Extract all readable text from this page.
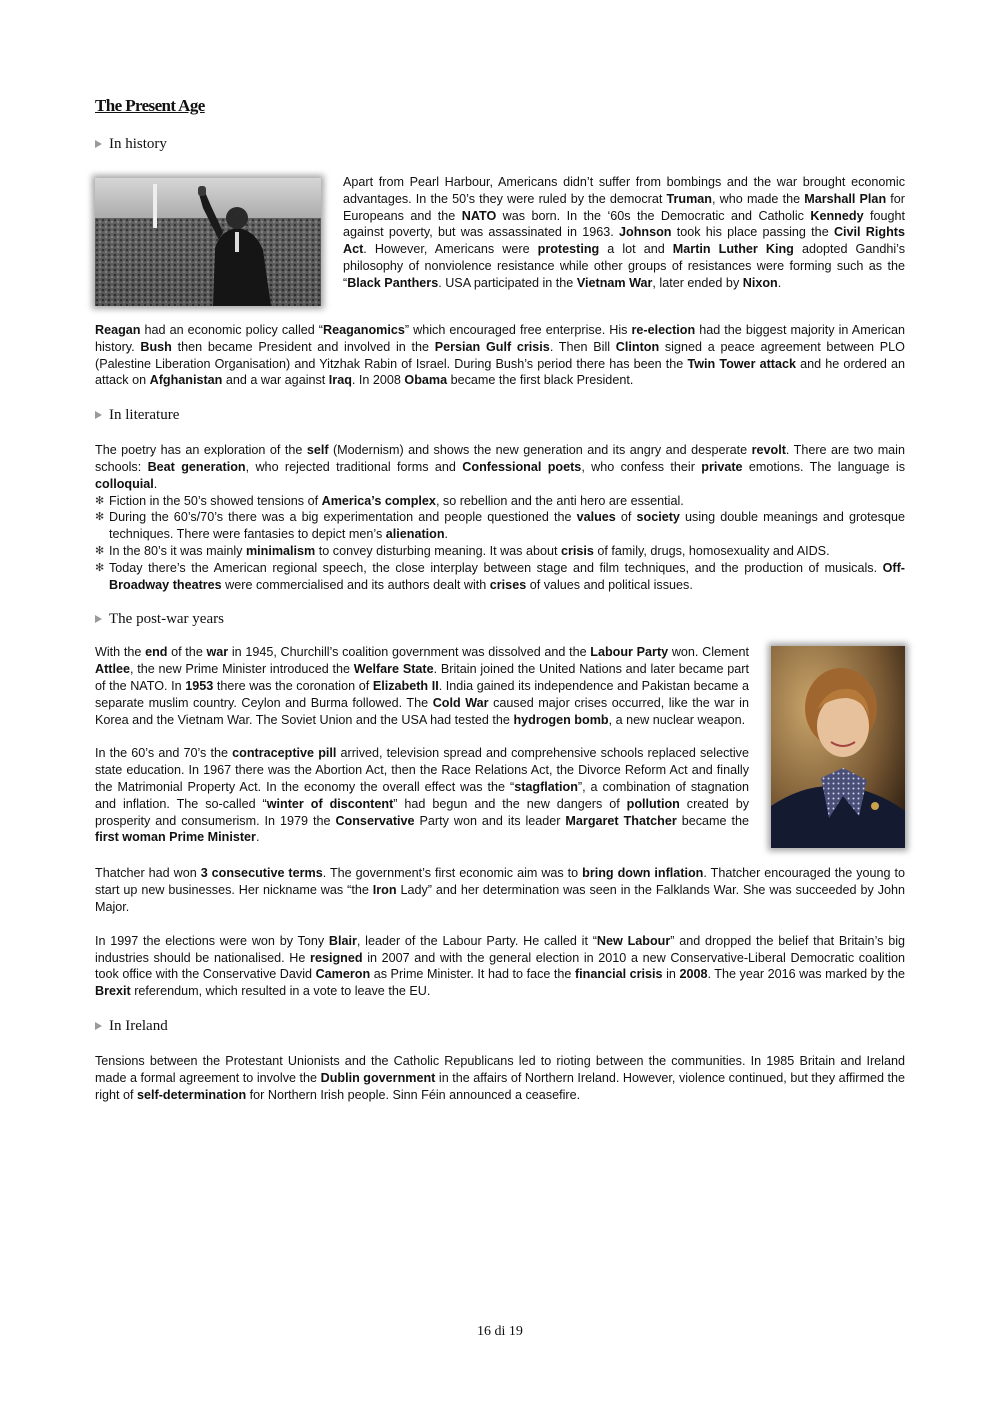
The Present Age
In history

Apart from Pearl Harbour, Americans didn’t suffer from bombings and the war brought economic advantages. In the 50’s they were ruled by the democrat Truman, who made the Marshall Plan for Europeans and the NATO was born. In the ‘60s the Democratic and Catholic Kennedy fought against poverty, but was assassinated in 1963. Johnson took his place passing the Civil Rights Act. However, Americans were protesting a lot and Martin Luther King adopted Gandhi’s philosophy of nonviolence resistance while other groups of resistances were forming such as the “Black Panthers. USA participated in the Vietnam War, later ended by Nixon.

Reagan had an economic policy called “Reaganomics” which encouraged free enterprise. His re-election had the biggest majority in American history. Bush then became President and involved in the Persian Gulf crisis. Then Bill Clinton signed a peace agreement between PLO (Palestine Liberation Organisation) and Yitzhak Rabin of Israel. During Bush’s period there has been the Twin Tower attack and he ordered an attack on Afghanistan and a war against Iraq. In 2008 Obama became the first black President.

In literature

The poetry has an exploration of the self (Modernism) and shows the new generation and its angry and desperate revolt. There are two main schools: Beat generation, who rejected traditional forms and Confessional poets, who confess their private emotions. The language is colloquial.

✻ Fiction in the 50’s showed tensions of America’s complex, so rebellion and the anti hero are essential.
✻ During the 60’s/70’s there was a big experimentation and people questioned the values of society using double meanings and grotesque techniques. There were fantasies to depict men’s alienation.
✻ In the 80’s it was mainly minimalism to convey disturbing meaning. It was about crisis of family, drugs, homosexuality and AIDS.
✻ Today there’s the American regional speech, the close interplay between stage and film techniques, and the production of musicals. Off-Broadway theatres were commercialised and its authors dealt with crises of values and political issues.
The post-war years

With the end of the war in 1945, Churchill’s coalition government was dissolved and the Labour Party won. Clement Attlee, the new Prime Minister introduced the Welfare State. Britain joined the United Nations and later became part of the NATO. In 1953 there was the coronation of Elizabeth II. India gained its independence and Pakistan became a separate muslim country. Ceylon and Burma followed. The Cold War caused major crises occurred, like the war in Korea and the Vietnam War. The Soviet Union and the USA had tested the hydrogen bomb, a new nuclear weapon.

In the 60’s and 70’s the contraceptive pill arrived, television spread and comprehensive schools replaced selective state education. In 1967 there was the Abortion Act, then the Race Relations Act, the Divorce Reform Act and finally the Matrimonial Property Act. In the economy the overall effect was the “stagflation”, a combination of stagnation and inflation. The so-called “winter of discontent” had begun and the new dangers of pollution created by prosperity and consumerism. In 1979 the Conservative Party won and its leader Margaret Thatcher became the first woman Prime Minister.

Thatcher had won 3 consecutive terms. The government’s first economic aim was to bring down inflation. Thatcher encouraged the young to start up new businesses. Her nickname was “the Iron Lady” and her determination was seen in the Falklands War. She was succeeded by John Major.

In 1997 the elections were won by Tony Blair, leader of the Labour Party. He called it “New Labour” and dropped the belief that Britain’s big industries should be nationalised. He resigned in 2007 and with the general election in 2010 a new Conservative-Liberal Democratic coalition took office with the Conservative David Cameron as Prime Minister. It had to face the financial crisis in 2008. The year 2016 was marked by the Brexit referendum, which resulted in a vote to leave the EU.

In Ireland

Tensions between the Protestant Unionists and the Catholic Republicans led to rioting between the communities. In 1985 Britain and Ireland made a formal agreement to involve the Dublin government in the affairs of Northern Ireland. However, violence continued, but they affirmed the right of self-determination for Northern Irish people. Sinn Féin announced a ceasefire.

16 di 19
